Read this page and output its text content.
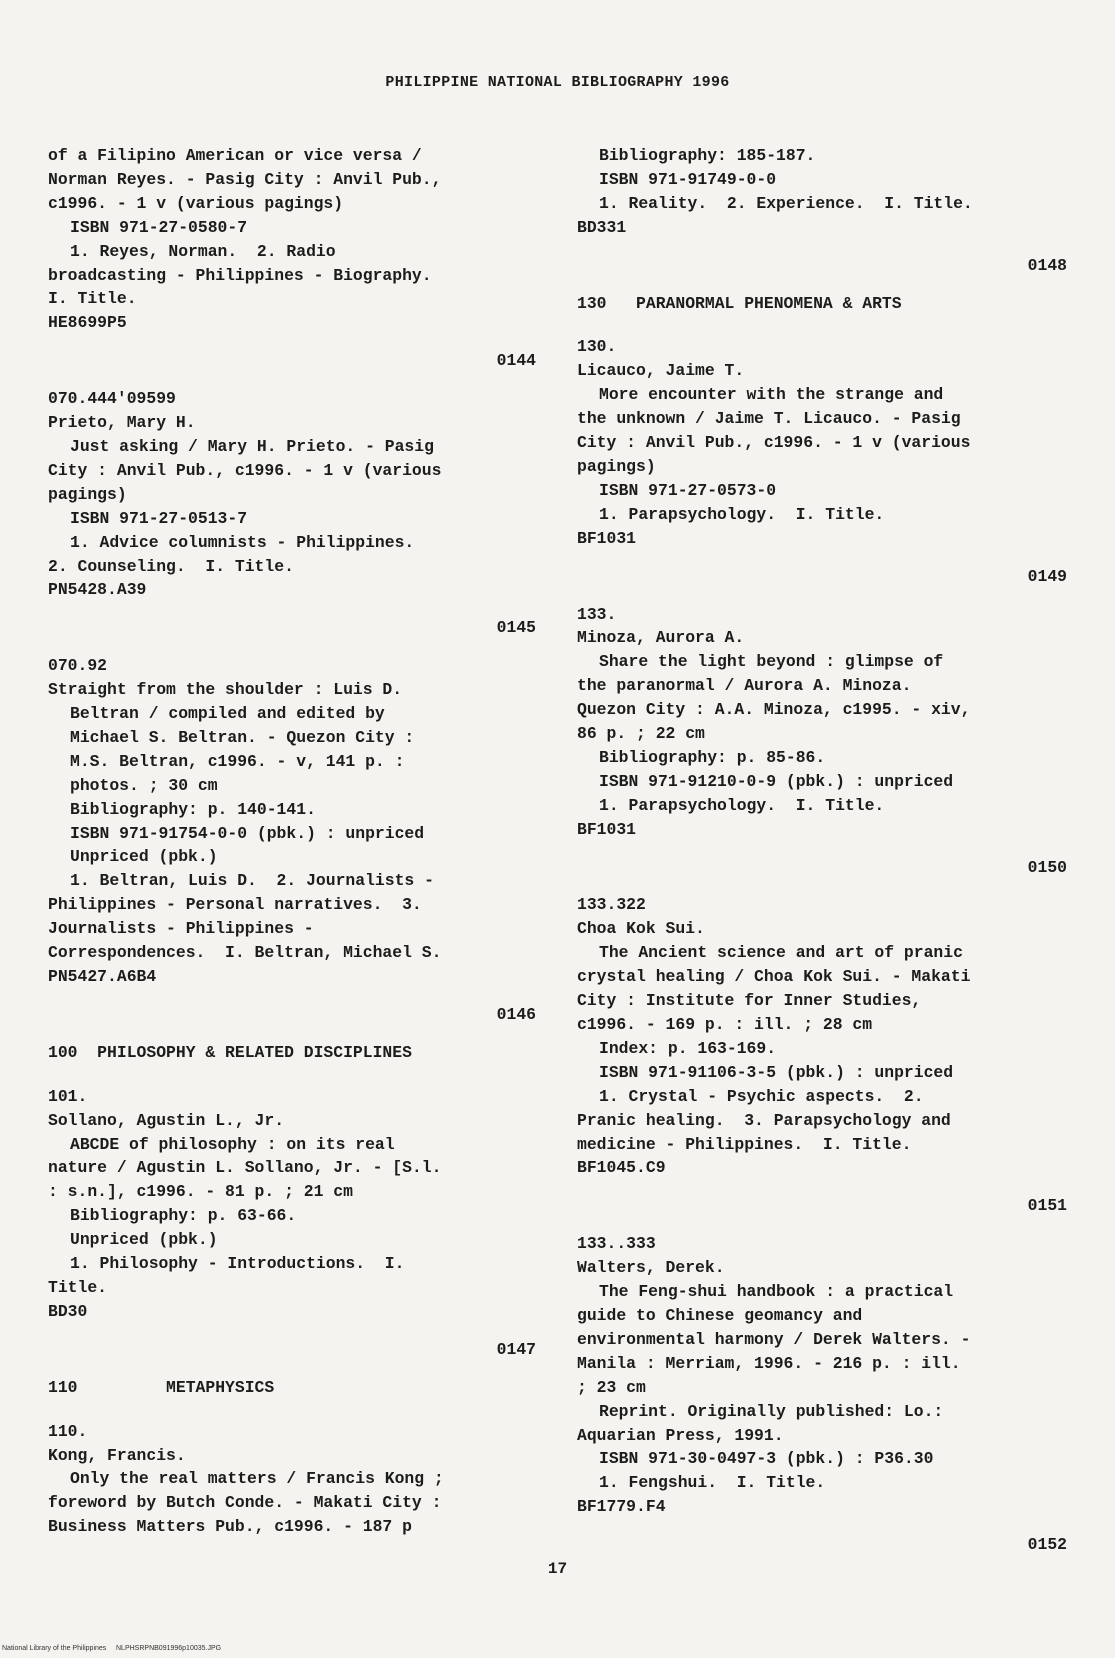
PHILIPPINE NATIONAL BIBLIOGRAPHY 1996
of a Filipino American or vice versa /
Norman Reyes. - Pasig City : Anvil Pub.,
c1996. - 1 v (various pagings)
ISBN 971-27-0580-7
1. Reyes, Norman.  2. Radio
broadcasting - Philippines - Biography.
I. Title.
HE8699P5
0144
070.444'09599
Prieto, Mary H.
Just asking / Mary H. Prieto. - Pasig
City : Anvil Pub., c1996. - 1 v (various
pagings)
ISBN 971-27-0513-7
1. Advice columnists - Philippines.
2. Counseling.  I. Title.
PN5428.A39
0145
070.92
Straight from the shoulder : Luis D.
Beltran / compiled and edited by
Michael S. Beltran. - Quezon City :
M.S. Beltran, c1996. - v, 141 p. :
photos. ; 30 cm
Bibliography: p. 140-141.
ISBN 971-91754-0-0 (pbk.) : unpriced
Unpriced (pbk.)
1. Beltran, Luis D.  2. Journalists -
Philippines - Personal narratives.  3.
Journalists - Philippines -
Correspondences.  I. Beltran, Michael S.
PN5427.A6B4
0146
100  PHILOSOPHY & RELATED DISCIPLINES
101.
Sollano, Agustin L., Jr.
ABCDE of philosophy : on its real
nature / Agustin L. Sollano, Jr. - [S.l.
: s.n.], c1996. - 81 p. ; 21 cm
Bibliography: p. 63-66.
Unpriced (pbk.)
1. Philosophy - Introductions.  I.
Title.
BD30
0147
110         METAPHYSICS
110.
Kong, Francis.
Only the real matters / Francis Kong ;
foreword by Butch Conde. - Makati City :
Business Matters Pub., c1996. - 187 p
Bibliography: 185-187.
ISBN 971-91749-0-0
1. Reality.  2. Experience.  I. Title.
BD331
0148
130   PARANORMAL PHENOMENA & ARTS
130.
Licauco, Jaime T.
More encounter with the strange and
the unknown / Jaime T. Licauco. - Pasig
City : Anvil Pub., c1996. - 1 v (various
pagings)
ISBN 971-27-0573-0
1. Parapsychology.  I. Title.
BF1031
0149
133.
Minoza, Aurora A.
Share the light beyond : glimpse of
the paranormal / Aurora A. Minoza.
Quezon City : A.A. Minoza, c1995. - xiv,
86 p. ; 22 cm
Bibliography: p. 85-86.
ISBN 971-91210-0-9 (pbk.) : unpriced
1. Parapsychology.  I. Title.
BF1031
0150
133.322
Choa Kok Sui.
The Ancient science and art of pranic
crystal healing / Choa Kok Sui. - Makati
City : Institute for Inner Studies,
c1996. - 169 p. : ill. ; 28 cm
Index: p. 163-169.
ISBN 971-91106-3-5 (pbk.) : unpriced
1. Crystal - Psychic aspects.  2.
Pranic healing.  3. Parapsychology and
medicine - Philippines.  I. Title.
BF1045.C9
0151
133..333
Walters, Derek.
The Feng-shui handbook : a practical
guide to Chinese geomancy and
environmental harmony / Derek Walters. -
Manila : Merriam, 1996. - 216 p. : ill.
; 23 cm
Reprint. Originally published: Lo.:
Aquarian Press, 1991.
ISBN 971-30-0497-3 (pbk.) : P36.30
1. Fengshui.  I. Title.
BF1779.F4
0152
17
National Library of the Philippines     NLPHSRPNB091996p10035.JPG
